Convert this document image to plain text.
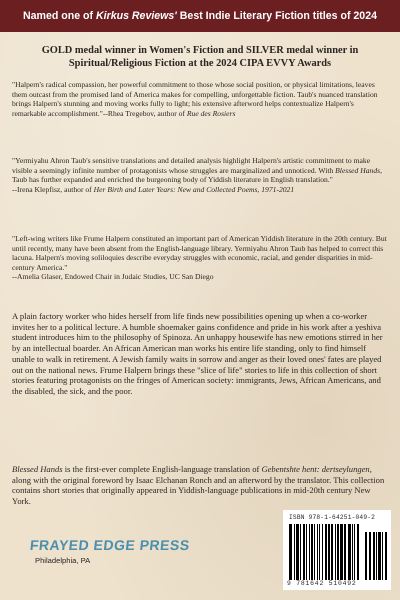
Named one of Kirkus Reviews' Best Indie Literary Fiction titles of 2024
GOLD medal winner in Women's Fiction and SILVER medal winner in Spiritual/Religious Fiction at the 2024 CIPA EVVY Awards
"Halpern's radical compassion, her powerful commitment to those whose social position, or physical limitations, leaves them outcast from the promised land of America makes for compelling, unforgettable fiction. Taub's nuanced translation brings Halpern's stunning and moving works fully to light; his extensive afterword helps contextualize Halpern's remarkable accomplishment."--Rhea Tregebov, author of Rue des Rosiers
"Yermiyahu Ahron Taub's sensitive translations and detailed analysis highlight Halpern's artistic commitment to make visible a seemingly infinite number of protagonists whose struggles are marginalized and unnoticed. With Blessed Hands, Taub has further expanded and enriched the burgeoning body of Yiddish literature in English translation."
--Irena Klepfisz, author of Her Birth and Later Years: New and Collected Poems, 1971-2021
"Left-wing writers like Frume Halpern constituted an important part of American Yiddish literature in the 20th century. But until recently, many have been absent from the English-language library. Yermiyahu Ahron Taub has helped to correct this lacuna. Halpern's moving soliloquies describe everyday struggles with economic, racial, and gender disparities in mid-century America."
--Amelia Glaser, Endowed Chair in Judaic Studies, UC San Diego
A plain factory worker who hides herself from life finds new possibilities opening up when a co-worker invites her to a political lecture. A humble shoemaker gains confidence and pride in his work after a yeshiva student introduces him to the philosophy of Spinoza. An unhappy housewife has new emotions stirred in her by an intellectual boarder. An African American man works his entire life standing, only to find himself unable to walk in retirement. A Jewish family waits in sorrow and anger as their loved ones' fates are played out on the national news. Frume Halpern brings these "slice of life" stories to life in this collection of short stories featuring protagonists on the fringes of American society: immigrants, Jews, African Americans, and the disabled, the sick, and the poor.
Blessed Hands is the first-ever complete English-language translation of Gebentshte hent: dertseylungen, along with the original foreword by Isaac Elchanan Ronch and an afterword by the translator. This collection contains short stories that originally appeared in Yiddish-language publications in mid-20th century New York.
FRAYED EDGE PRESS
Philadelphia, PA
ISBN 978-1-64251-049-2
9 781642 510492
